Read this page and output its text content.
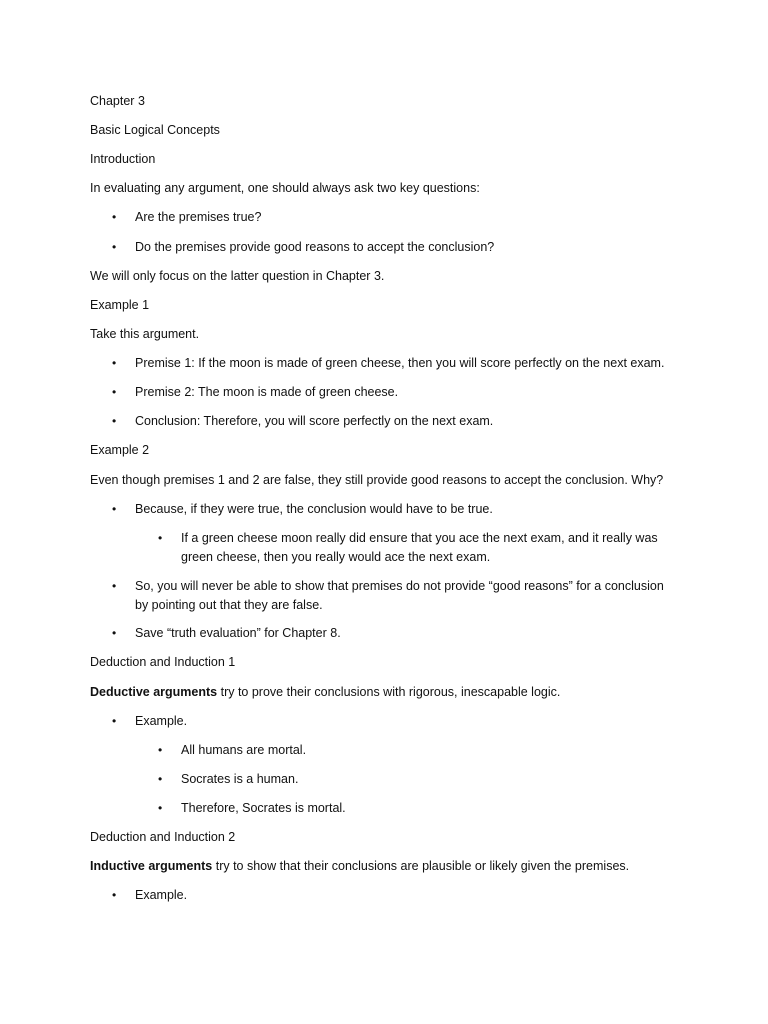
Chapter 3
Basic Logical Concepts
Introduction
In evaluating any argument, one should always ask two key questions:
• Are the premises true?
• Do the premises provide good reasons to accept the conclusion?
We will only focus on the latter question in Chapter 3.
Example 1
Take this argument.
• Premise 1: If the moon is made of green cheese, then you will score perfectly on the next exam.
• Premise 2: The moon is made of green cheese.
• Conclusion: Therefore, you will score perfectly on the next exam.
Example 2
Even though premises 1 and 2 are false, they still provide good reasons to accept the conclusion. Why?
• Because, if they were true, the conclusion would have to be true.
• If a green cheese moon really did ensure that you ace the next exam, and it really was green cheese, then you really would ace the next exam.
• So, you will never be able to show that premises do not provide “good reasons” for a conclusion by pointing out that they are false.
• Save “truth evaluation” for Chapter 8.
Deduction and Induction 1
Deductive arguments try to prove their conclusions with rigorous, inescapable logic.
• Example.
• All humans are mortal.
• Socrates is a human.
• Therefore, Socrates is mortal.
Deduction and Induction 2
Inductive arguments try to show that their conclusions are plausible or likely given the premises.
• Example.
